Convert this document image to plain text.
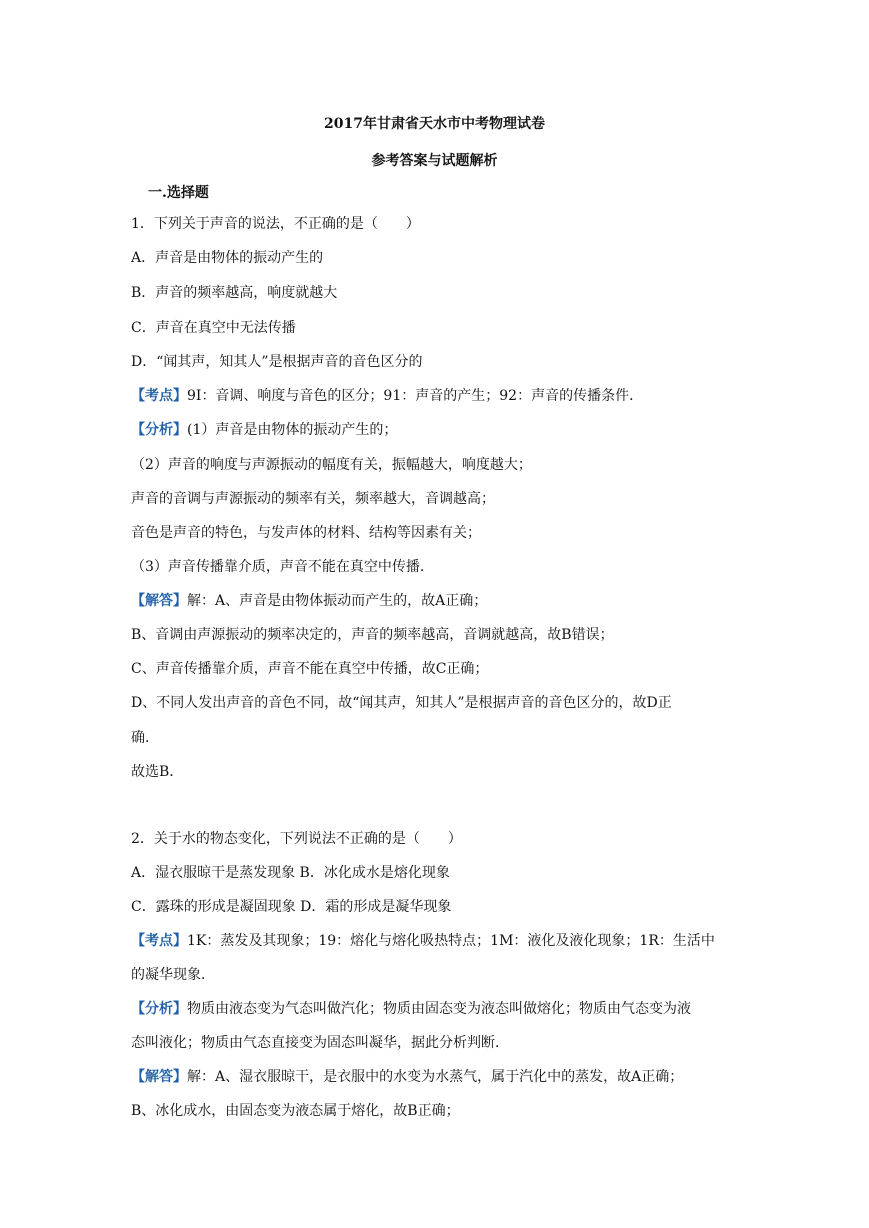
2017年甘肃省天水市中考物理试卷
参考答案与试题解析
一.选择题
1．下列关于声音的说法，不正确的是（　　）
A．声音是由物体的振动产生的
B．声音的频率越高，响度就越大
C．声音在真空中无法传播
D．“闻其声，知其人”是根据声音的音色区分的
【考点】9I：音调、响度与音色的区分；91：声音的产生；92：声音的传播条件．
【分析】(1）声音是由物体的振动产生的；
（2）声音的响度与声源振动的幅度有关，振幅越大，响度越大；
声音的音调与声源振动的频率有关，频率越大，音调越高；
音色是声音的特色，与发声体的材料、结构等因素有关；
（3）声音传播靠介质，声音不能在真空中传播．
【解答】解：A、声音是由物体振动而产生的，故A正确；
B、音调由声源振动的频率决定的，声音的频率越高，音调就越高，故B错误；
C、声音传播靠介质，声音不能在真空中传播，故C正确；
D、不同人发出声音的音色不同，故“闻其声，知其人”是根据声音的音色区分的，故D正
确．
故选B．
2．关于水的物态变化，下列说法不正确的是（　　）
A．湿衣服晾干是蒸发现象 B．冰化成水是熔化现象
C．露珠的形成是凝固现象 D．霜的形成是凝华现象
【考点】1K：蒸发及其现象；19：熔化与熔化吸热特点；1M：液化及液化现象；1R：生活中
的凝华现象．
【分析】物质由液态变为气态叫做汽化；物质由固态变为液态叫做熔化；物质由气态变为液
态叫液化；物质由气态直接变为固态叫凝华，据此分析判断．
【解答】解：A、湿衣服晾干，是衣服中的水变为水蒸气，属于汽化中的蒸发，故A正确；
B、冰化成水，由固态变为液态属于熔化，故B正确；
